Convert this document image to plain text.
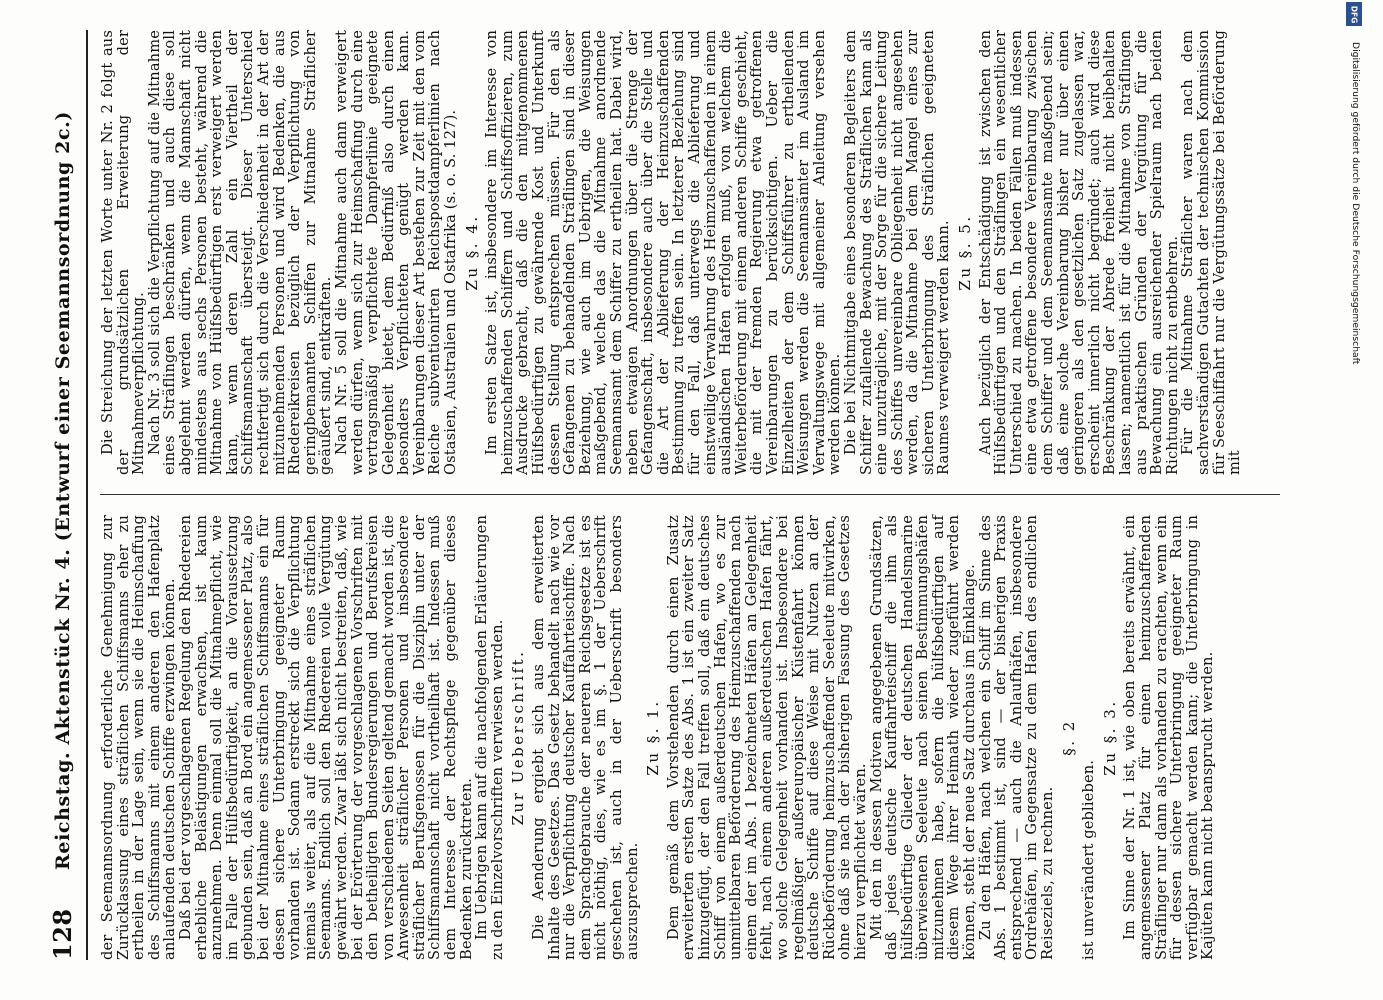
128
Reichstag. Aktenstück Nr. 4. (Entwurf einer Seemannsordnung 2c.) der Seemannsordnung erforderliche Genehmigung zur Zurücklassung eines sträflichen Schiffsmanns eher zu ertheilen in der Lage sein, wenn sie die Heimschaffung des Schiffsmanns mit einem anderen den Hafenplatz anlaufenden deutschen Schiffe erzwingen können.

Daß bei der vorgeschlagenen Regelung den Rhedereien erhebliche Belästigungen erwachsen, ist kaum anzunehmen. Denn einmal soll die Mitnahmepflicht, wie im Falle der Hülfsbedürftigkeit, an die Voraussetzung gebunden sein, daß an Bord ein angemessener Platz, also bei der Mitnahme eines sträflichen Schiffsmanns ein für dessen sichere Unterbringung geeigneter Raum vorhanden ist. Sodann erstreckt sich die Verpflichtung niemals weiter, als auf die Mitnahme eines sträflichen Seemanns. Endlich soll den Rhedereien volle Vergütung gewährt werden. Zwar läßt sich nicht bestreiten, daß, wie bei der Erörterung der vorgeschlagenen Vorschriften mit den betheiligten Bundesregierungen und Berufskreisen von verschiedenen Seiten geltend gemacht worden ist, die Anwesenheit sträflicher Personen und insbesondere sträflicher Berufsgenossen für die Disziplin unter der Schiffsmannschaft nicht vortheilhaft ist. Indessen muß dem Interesse der Rechtspflege gegenüber dieses Bedenken zurücktreten.

Im Uebrigen kann auf die nachfolgenden Erläuterungen zu den Einzelvorschriften verwiesen werden. Zur Ueberschrift. Die Aenderung ergiebt sich aus dem erweiterten Inhalte des Gesetzes. Das Gesetz behandelt nach wie vor nur die Verpflichtung deutscher Kauffahrteischiffe. Nach dem Sprachgebrauche der neueren Reichsgesetze ist es nicht nöthig, dies, wie es im §. 1 der Ueberschrift geschehen ist, auch in der Ueberschrift besonders auszusprechen.

Zu §. 1. Dem gemäß dem Vorstehenden durch einen Zusatz erweiterten ersten Satze des Abs. 1 ist ein zweiter Satz hinzugefügt, der den Fall treffen soll, daß ein deutsches Schiff von einem außerdeutschen Hafen, wo es zur unmittelbaren Beförderung des Heimzuschaffenden nach einem der im Abs. 1 bezeichneten Häfen an Gelegenheit fehlt, nach einem anderen außerdeutschen Hafen fährt, wo solche Gelegenheit vorhanden ist. Insbesondere bei regelmäßiger außereuropäischer Küstenfahrt können deutsche Schiffe auf diese Weise mit Nutzen an der Rückbeförderung heimzuschaffender Seeleute mitwirken, ohne daß sie nach der bisherigen Fassung des Gesetzes hierzu verpflichtet wären.

Mit den in dessen Motiven angegebenen Grundsätzen, daß jedes deutsche Kauffahrteischiff die ihm als hülfsbedürftige Glieder der deutschen Handelsmarine überwiesenen Seeleute nach seinen Bestimmungshäfen mitzunehmen habe, sofern die hülfsbedürftigen auf diesem Wege ihrer Heimath wieder zugeführt werden können, steht der neue Satz durchaus im Einklange.

Zu den Häfen, nach welchen ein Schiff im Sinne des Abs. 1 bestimmt ist, sind — der bisherigen Praxis entsprechend — auch die Anlaufhäfen, insbesondere Ordrehäfen, im Gegensatze zu dem Hafen des endlichen Reiseziels, zu rechnen.

§. 2

ist unverändert geblieben.

Zu §. 3. Im Sinne der Nr. 1 ist, wie oben bereits erwähnt, ein angemessener Platz für einen heimzuschaffenden Sträflinger nur dann als vorhanden zu erachten, wenn ein für dessen sichere Unterbringung geeigneter Raum verfügbar gemacht werden kann; die Unterbringung in Kajüten kann nicht beansprucht werden.

Die Streichung der letzten Worte unter Nr. 2 folgt aus der grundsätzlichen Erweiterung der Mitnahmeverpflichtung.

Nach Nr. 3 soll sich die Verpflichtung auf die Mitnahme eines Sträflingen beschränken und auch diese soll abgelehnt werden dürfen, wenn die Mannschaft nicht mindestens aus sechs Personen besteht, während die Mitnahme von Hülfsbedürftigen erst verweigert werden kann, wenn deren Zahl ein Viertheil der Schiffsmannschaft übersteigt. Dieser Unterschied rechtfertigt sich durch die Verschiedenheit in der Art der mitzunehmenden Personen und wird Bedenken, die aus Rhedereikreisen bezüglich der Verpflichtung von geringbemannten Schiffen zur Mitnahme Sträflicher geäußert sind, entkräften.

Nach Nr. 5 soll die Mitnahme auch dann verweigert werden dürfen, wenn sich zur Heimschaffung durch eine vertragsmäßig verpflichtete Dampferlinie geeignete Gelegenheit bietet, dem Bedürfniß also durch einen besonders Verpflichteten genügt werden kann. Vereinbarungen dieser Art bestehen zur Zeit mit den vom Reiche subventionirten Reichspostdampferlinien nach Ostasien, Australien und Ostafrika (s. o. S. 127). Zu §. 4. Im ersten Satze ist, insbesondere im Interesse von heimzuschaffenden Schiffern und Schiffsoffizieren, zum Ausdrucke gebracht, daß die den mitgenommenen Hülfsbedürftigen zu gewährende Kost und Unterkunft dessen Stellung entsprechen müssen. Für den als Gefangenen zu behandelnden Sträflingen sind in dieser Beziehung, wie auch im Uebrigen, die Weisungen maßgebend, welche das die Mitnahme anordnende Seemannsamt dem Schiffer zu ertheilen hat. Dabei wird, neben etwaigen Anordnungen über die Strenge der Gefangenschaft, insbesondere auch über die Stelle und die Art der Ablieferung der Heimzuschaffenden Bestimmung zu treffen sein. In letzterer Beziehung sind für den Fall, daß unterwegs die Ablieferung und einstweilige Verwahrung des Heimzuschaffenden in einem ausländischen Hafen erfolgen muß, von welchem die Weiterbeförderung mit einem anderen Schiffe geschieht, die mit der fremden Regierung etwa getroffenen Vereinbarungen zu berücksichtigen. Ueber die Einzelheiten der dem Schiffsführer zu ertheilenden Weisungen werden die Seemannsämter im Ausland im Verwaltungswege mit allgemeiner Anleitung versehen werden können.

Die bei Nichtmitgabe eines besonderen Begleiters dem Schiffer zufallende Bewachung des Sträflichen kann als eine unzuträgliche, mit der Sorge für die sichere Leitung des Schiffes unvereinbare Obliegenheit nicht angesehen werden, da die Mitnahme bei dem Mangel eines zur sicheren Unterbringung des Sträflichen geeigneten Raumes verweigert werden kann. Zu §. 5. Auch bezüglich der Entschädigung ist zwischen den Hülfsbedürftigen und den Sträflingen ein wesentlicher Unterschied zu machen. In beiden Fällen muß indessen eine etwa getroffene besondere Vereinbarung zwischen dem Schiffer und dem Seemannsamte maßgebend sein; daß eine solche Vereinbarung bisher nur über einen geringeren als den gesetzlichen Satz zugelassen war, erscheint innerlich nicht begründet; auch wird diese Beschränkung der Abrede freiheit nicht beibehalten lassen; namentlich ist für die Mitnahme von Sträflingen aus praktischen Gründen der Vergütung für die Bewachung ein ausreichender Spielraum nach beiden Richtungen nicht zu entbehren.

Für die Mitnahme Sträflicher waren nach dem sachverständigen Gutachten der technischen Kommission für Seeschiffahrt nur die Vergütungssätze bei Beförderung mit

DFG
Digitalisierung gefördert durch die Deutsche Forschungsgemeinschaft
